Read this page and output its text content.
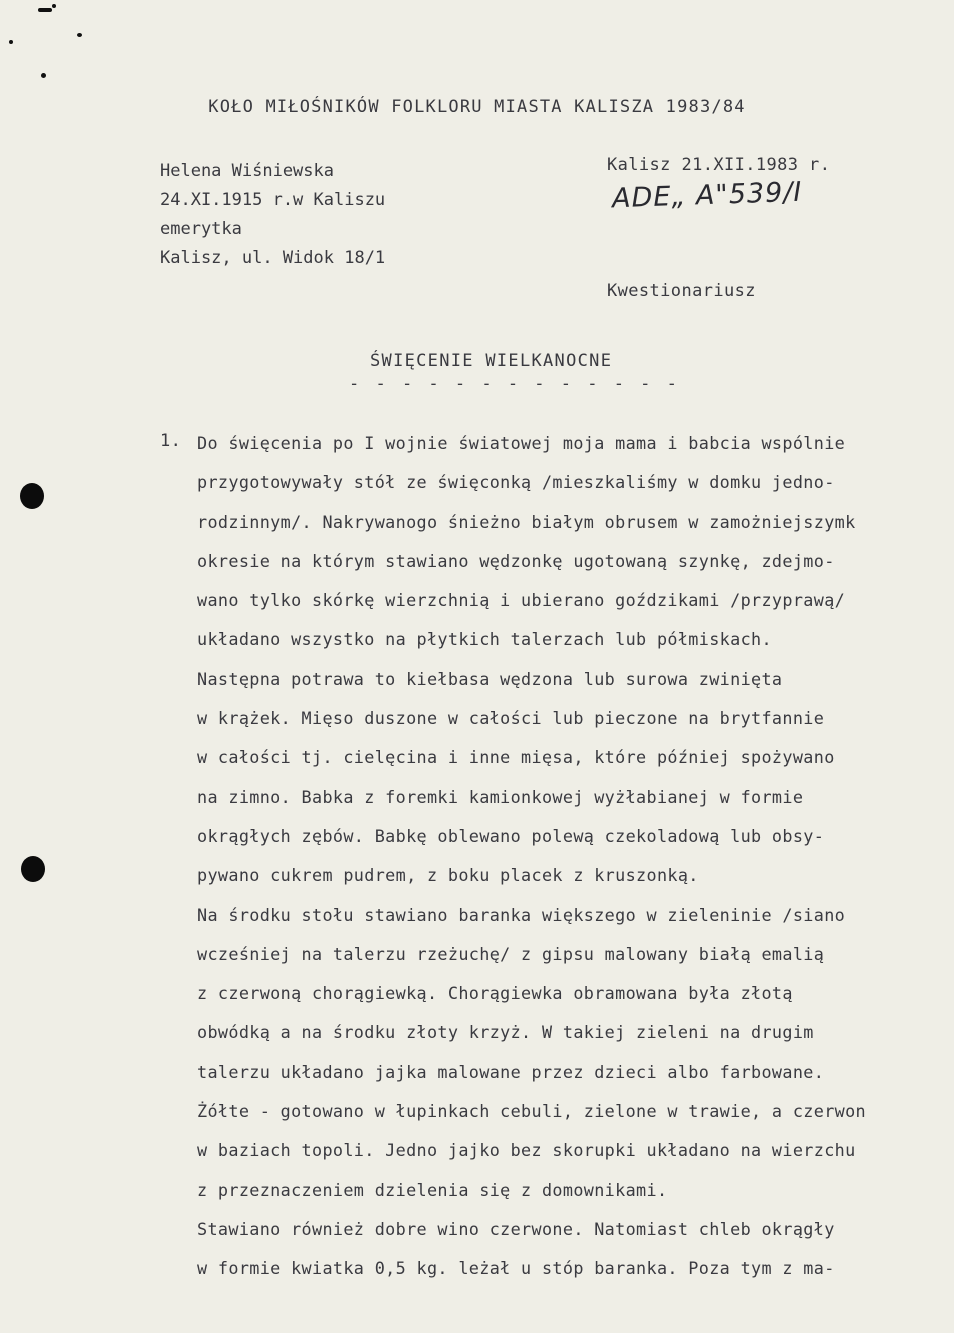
KOŁO MIŁOŚNIKÓW FOLKLORU MIASTA KALISZA 1983/84
Helena Wiśniewska
24.XI.1915 r.w Kaliszu
emerytka
Kalisz, ul. Widok 18/1
Kalisz 21.XII.1983 r.
ADE„ A"539/I
Kwestionariusz
ŚWIĘCENIE WIELKANOCNE
- - - - - - - - - - - - -
1. Do święcenia po I wojnie światowej moja mama i babcia wspólnie
przygotowywały stół ze święconką /mieszkaliśmy w domku jedno-
rodzinnym/. Nakrywanogo śnieżno białym obrusem w zamożniejszymk
okresie na którym stawiano wędzonkę ugotowaną szynkę, zdejmo-
wano tylko skórkę wierzchnią i ubierano goździkami /przyprawą/
układano wszystko na płytkich talerzach lub półmiskach.
Następna potrawa to kiełbasa wędzona lub surowa zwinięta
w krążek. Mięso duszone w całości lub pieczone na brytfannie
w całości tj. cielęcina i inne mięsa, które później spożywano
na zimno. Babka z foremki kamionkowej wyżłabianej w formie
okrągłych zębów. Babkę oblewano polewą czekoladową lub obsy-
pywano cukrem pudrem, z boku placek z kruszonką.
Na środku stołu stawiano baranka większego w zieleninie /siano
wcześniej na talerzu rzeżuchę/ z gipsu malowany białą emalią
z czerwoną chorągiewką. Chorągiewka obramowana była złotą
obwódką a na środku złoty krzyż. W takiej zieleni na drugim
talerzu układano jajka malowane przez dzieci albo farbowane.
Żółte - gotowano w łupinkach cebuli, zielone w trawie, a czerwon
w baziach topoli. Jedno jajko bez skorupki układano na wierzchu
z przeznaczeniem dzielenia się z domownikami.
Stawiano również dobre wino czerwone. Natomiast chleb okrągły
w formie kwiatka 0,5 kg. leżał u stóp baranka. Poza tym z ma-
